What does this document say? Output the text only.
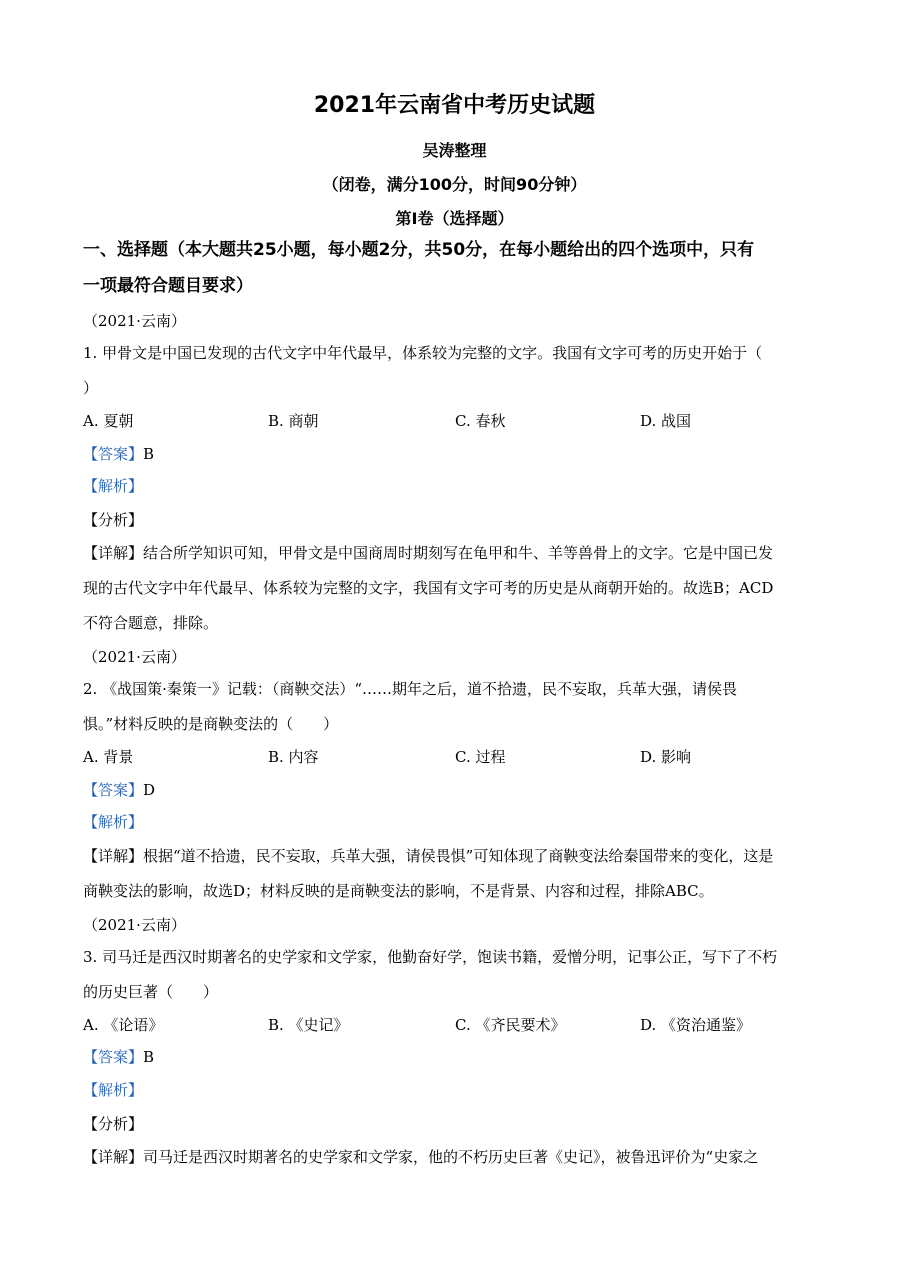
2021年云南省中考历史试题
吴涛整理
（闭卷，满分100分，时间90分钟）
第I卷（选择题）
一、选择题（本大题共25小题，每小题2分，共50分，在每小题给出的四个选项中，只有
一项最符合题目要求）
（2021·云南）
1. 甲骨文是中国已发现的古代文字中年代最早，体系较为完整的文字。我国有文字可考的历史开始于（
）
A. 夏朝	B. 商朝	C. 春秋	D. 战国
【答案】B
【解析】
【分析】
【详解】结合所学知识可知，甲骨文是中国商周时期刻写在龟甲和牛、羊等兽骨上的文字。它是中国已发
现的古代文字中年代最早、体系较为完整的文字，我国有文字可考的历史是从商朝开始的。故选B；ACD
不符合题意，排除。
（2021·云南）
2. 《战国策·秦策一》记载：（商鞅交法）“……期年之后，道不拾遗，民不妄取，兵革大强，请侯畏
惧。”材料反映的是商鞅变法的（　　）
A. 背景	B. 内容	C. 过程	D. 影响
【答案】D
【解析】
【详解】根据“道不拾遗，民不妄取，兵革大强，请侯畏惧”可知体现了商鞅变法给秦国带来的变化，这是
商鞅变法的影响，故选D；材料反映的是商鞅变法的影响，不是背景、内容和过程，排除ABC。
（2021·云南）
3. 司马迁是西汉时期著名的史学家和文学家，他勤奋好学，饱读书籍，爱憎分明，记事公正，写下了不朽
的历史巨著（　　）
A. 《论语》	B. 《史记》	C. 《齐民要术》	D. 《资治通鉴》
【答案】B
【解析】
【分析】
【详解】司马迁是西汉时期著名的史学家和文学家，他的不朽历史巨著《史记》，被鲁迅评价为“史家之
